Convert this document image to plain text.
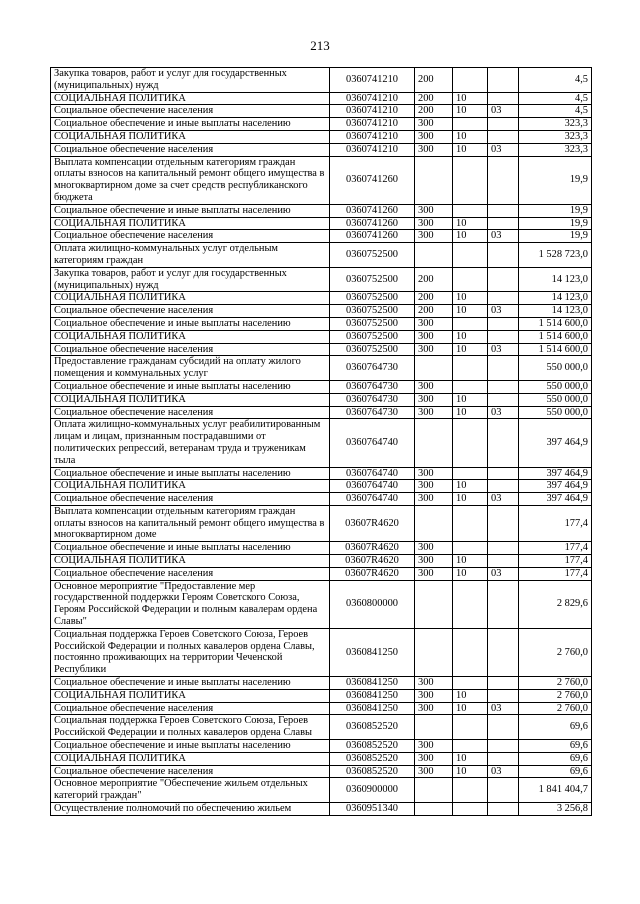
213
Закупка товаров, работ и услуг для государственных (муниципальных) нужд	0360741210	200			4,5
СОЦИАЛЬНАЯ ПОЛИТИКА	0360741210	200	10		4,5
Социальное обеспечение населения	0360741210	200	10	03	4,5
Социальное обеспечение и иные выплаты населению	0360741210	300			323,3
СОЦИАЛЬНАЯ ПОЛИТИКА	0360741210	300	10		323,3
Социальное обеспечение населения	0360741210	300	10	03	323,3
Выплата компенсации отдельным категориям граждан оплаты взносов на капитальный ремонт общего имущества в многоквартирном доме за счет средств республиканского бюджета	0360741260				19,9
Социальное обеспечение и иные выплаты населению	0360741260	300			19,9
СОЦИАЛЬНАЯ ПОЛИТИКА	0360741260	300	10		19,9
Социальное обеспечение населения	0360741260	300	10	03	19,9
Оплата жилищно-коммунальных услуг отдельным категориям граждан	0360752500				1 528 723,0
Закупка товаров, работ и услуг для государственных (муниципальных) нужд	0360752500	200			14 123,0
СОЦИАЛЬНАЯ ПОЛИТИКА	0360752500	200	10		14 123,0
Социальное обеспечение населения	0360752500	200	10	03	14 123,0
Социальное обеспечение и иные выплаты населению	0360752500	300			1 514 600,0
СОЦИАЛЬНАЯ ПОЛИТИКА	0360752500	300	10		1 514 600,0
Социальное обеспечение населения	0360752500	300	10	03	1 514 600,0
Предоставление гражданам субсидий на оплату жилого помещения и коммунальных услуг	0360764730				550 000,0
Социальное обеспечение и иные выплаты населению	0360764730	300			550 000,0
СОЦИАЛЬНАЯ ПОЛИТИКА	0360764730	300	10		550 000,0
Социальное обеспечение населения	0360764730	300	10	03	550 000,0
Оплата жилищно-коммунальных услуг реабилитированным лицам и лицам, признанным пострадавшими от политических репрессий, ветеранам труда и труженикам тыла	0360764740				397 464,9
Социальное обеспечение и иные выплаты населению	0360764740	300			397 464,9
СОЦИАЛЬНАЯ ПОЛИТИКА	0360764740	300	10		397 464,9
Социальное обеспечение населения	0360764740	300	10	03	397 464,9
Выплата компенсации отдельным категориям граждан оплаты взносов на капитальный ремонт общего имущества в многоквартирном доме	03607R4620				177,4
Социальное обеспечение и иные выплаты населению	03607R4620	300			177,4
СОЦИАЛЬНАЯ ПОЛИТИКА	03607R4620	300	10		177,4
Социальное обеспечение населения	03607R4620	300	10	03	177,4
Основное мероприятие "Предоставление мер государственной поддержки Героям Советского Союза, Героям Российской Федерации и полным кавалерам ордена Славы"	0360800000				2 829,6
Социальная поддержка Героев Советского Союза, Героев Российской Федерации и полных кавалеров ордена Славы, постоянно проживающих на территории Чеченской Республики	0360841250				2 760,0
Социальное обеспечение и иные выплаты населению	0360841250	300			2 760,0
СОЦИАЛЬНАЯ ПОЛИТИКА	0360841250	300	10		2 760,0
Социальное обеспечение населения	0360841250	300	10	03	2 760,0
Социальная поддержка Героев Советского Союза, Героев Российской Федерации и полных кавалеров ордена Славы	0360852520				69,6
Социальное обеспечение и иные выплаты населению	0360852520	300			69,6
СОЦИАЛЬНАЯ ПОЛИТИКА	0360852520	300	10		69,6
Социальное обеспечение населения	0360852520	300	10	03	69,6
Основное мероприятие "Обеспечение жильем отдельных категорий граждан"	0360900000				1 841 404,7
Осуществление полномочий по обеспечению жильем	0360951340				3 256,8
